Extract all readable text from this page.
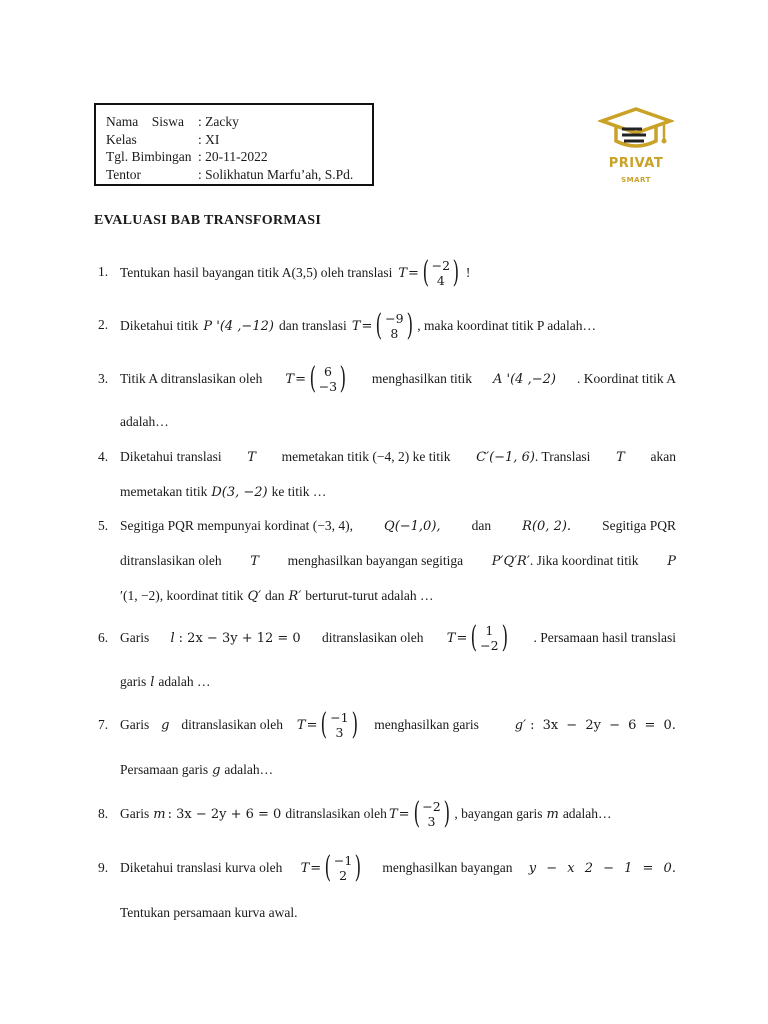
Nama    Siswa	: Zacky
Kelas	: XI
Tgl. Bimbingan : 20-11-2022
Tentor	: Solikhatun Marfu’ah, S.Pd.
PRIVAT
SMART
EVALUASI BAB TRANSFORMASI
1. Tentukan hasil bayangan titik A(3,5) oleh translasi T = ( −2
4 ) !
2. Diketahui titik P '(4 ,−12) dan translasi T = ( −9
8 ) , maka koordinat titik P adalah…
3. Titik A ditranslasikan oleh T = ( 6
−3 ) menghasilkan titik A '(4 ,−2) . Koordinat titik A
adalah…
4. Diketahui translasi T memetakan titik (−4, 2) ke titik C′(−1, 6). Translasi T akan
memetakan titik D(3, −2) ke titik …
5. Segitiga PQR mempunyai kordinat (−3, 4), Q(−1,0), dan R(0, 2). Segitiga PQR
ditranslasikan oleh T menghasilkan bayangan segitiga P′Q′R′. Jika koordinat titik P
′(1, −2), koordinat titik Q′ dan R′ berturut-turut adalah …
6. Garis l : 2x − 3y + 12 = 0 ditranslasikan oleh T = ( 1
−2 ) . Persamaan hasil translasi
garis l adalah …
7. Garis g ditranslasikan oleh T = ( −1
3 ) menghasilkan garis	g′ : 3x − 2y − 6 = 0.
Persamaan garis g adalah…
8. Garis m : 3x − 2y + 6 = 0 ditranslasikan oleh T = ( −2
3 ) , bayangan garis m adalah…
9. Diketahui translasi kurva oleh T = ( −1
2 ) menghasilkan bayangan y − x 2 − 1 = 0.
Tentukan persamaan kurva awal.
